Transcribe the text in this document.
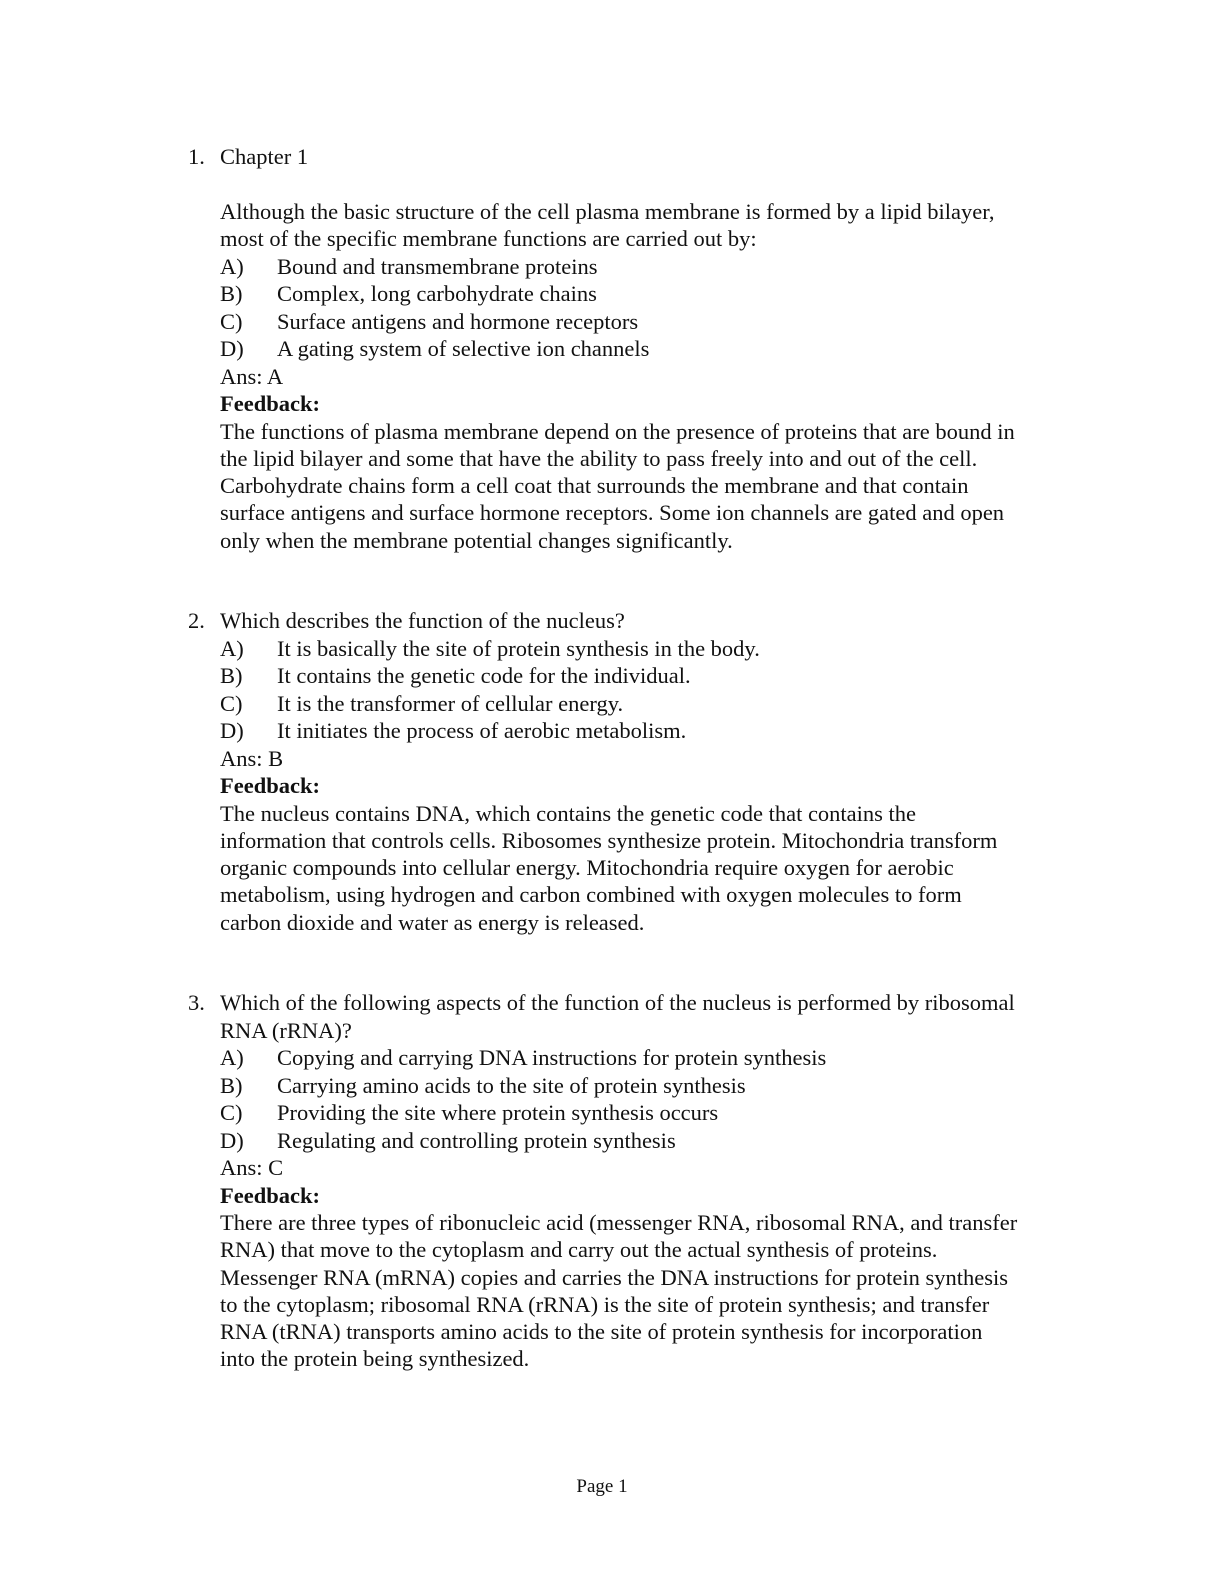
1. Chapter 1
Although the basic structure of the cell plasma membrane is formed by a lipid bilayer,
most of the specific membrane functions are carried out by:
A)	Bound and transmembrane proteins
B)	Complex, long carbohydrate chains
C)	Surface antigens and hormone receptors
D)	A gating system of selective ion channels
Ans: A
Feedback:
The functions of plasma membrane depend on the presence of proteins that are bound in
the lipid bilayer and some that have the ability to pass freely into and out of the cell.
Carbohydrate chains form a cell coat that surrounds the membrane and that contain
surface antigens and surface hormone receptors. Some ion channels are gated and open
only when the membrane potential changes significantly.
2. Which describes the function of the nucleus?
A)	It is basically the site of protein synthesis in the body.
B)	It contains the genetic code for the individual.
C)	It is the transformer of cellular energy.
D)	It initiates the process of aerobic metabolism.
Ans: B
Feedback:
The nucleus contains DNA, which contains the genetic code that contains the
information that controls cells. Ribosomes synthesize protein. Mitochondria transform
organic compounds into cellular energy. Mitochondria require oxygen for aerobic
metabolism, using hydrogen and carbon combined with oxygen molecules to form
carbon dioxide and water as energy is released.
3. Which of the following aspects of the function of the nucleus is performed by ribosomal
RNA (rRNA)?
A)	Copying and carrying DNA instructions for protein synthesis
B)	Carrying amino acids to the site of protein synthesis
C)	Providing the site where protein synthesis occurs
D)	Regulating and controlling protein synthesis
Ans: C
Feedback:
There are three types of ribonucleic acid (messenger RNA, ribosomal RNA, and transfer
RNA) that move to the cytoplasm and carry out the actual synthesis of proteins.
Messenger RNA (mRNA) copies and carries the DNA instructions for protein synthesis
to the cytoplasm; ribosomal RNA (rRNA) is the site of protein synthesis; and transfer
RNA (tRNA) transports amino acids to the site of protein synthesis for incorporation
into the protein being synthesized.
Page 1
